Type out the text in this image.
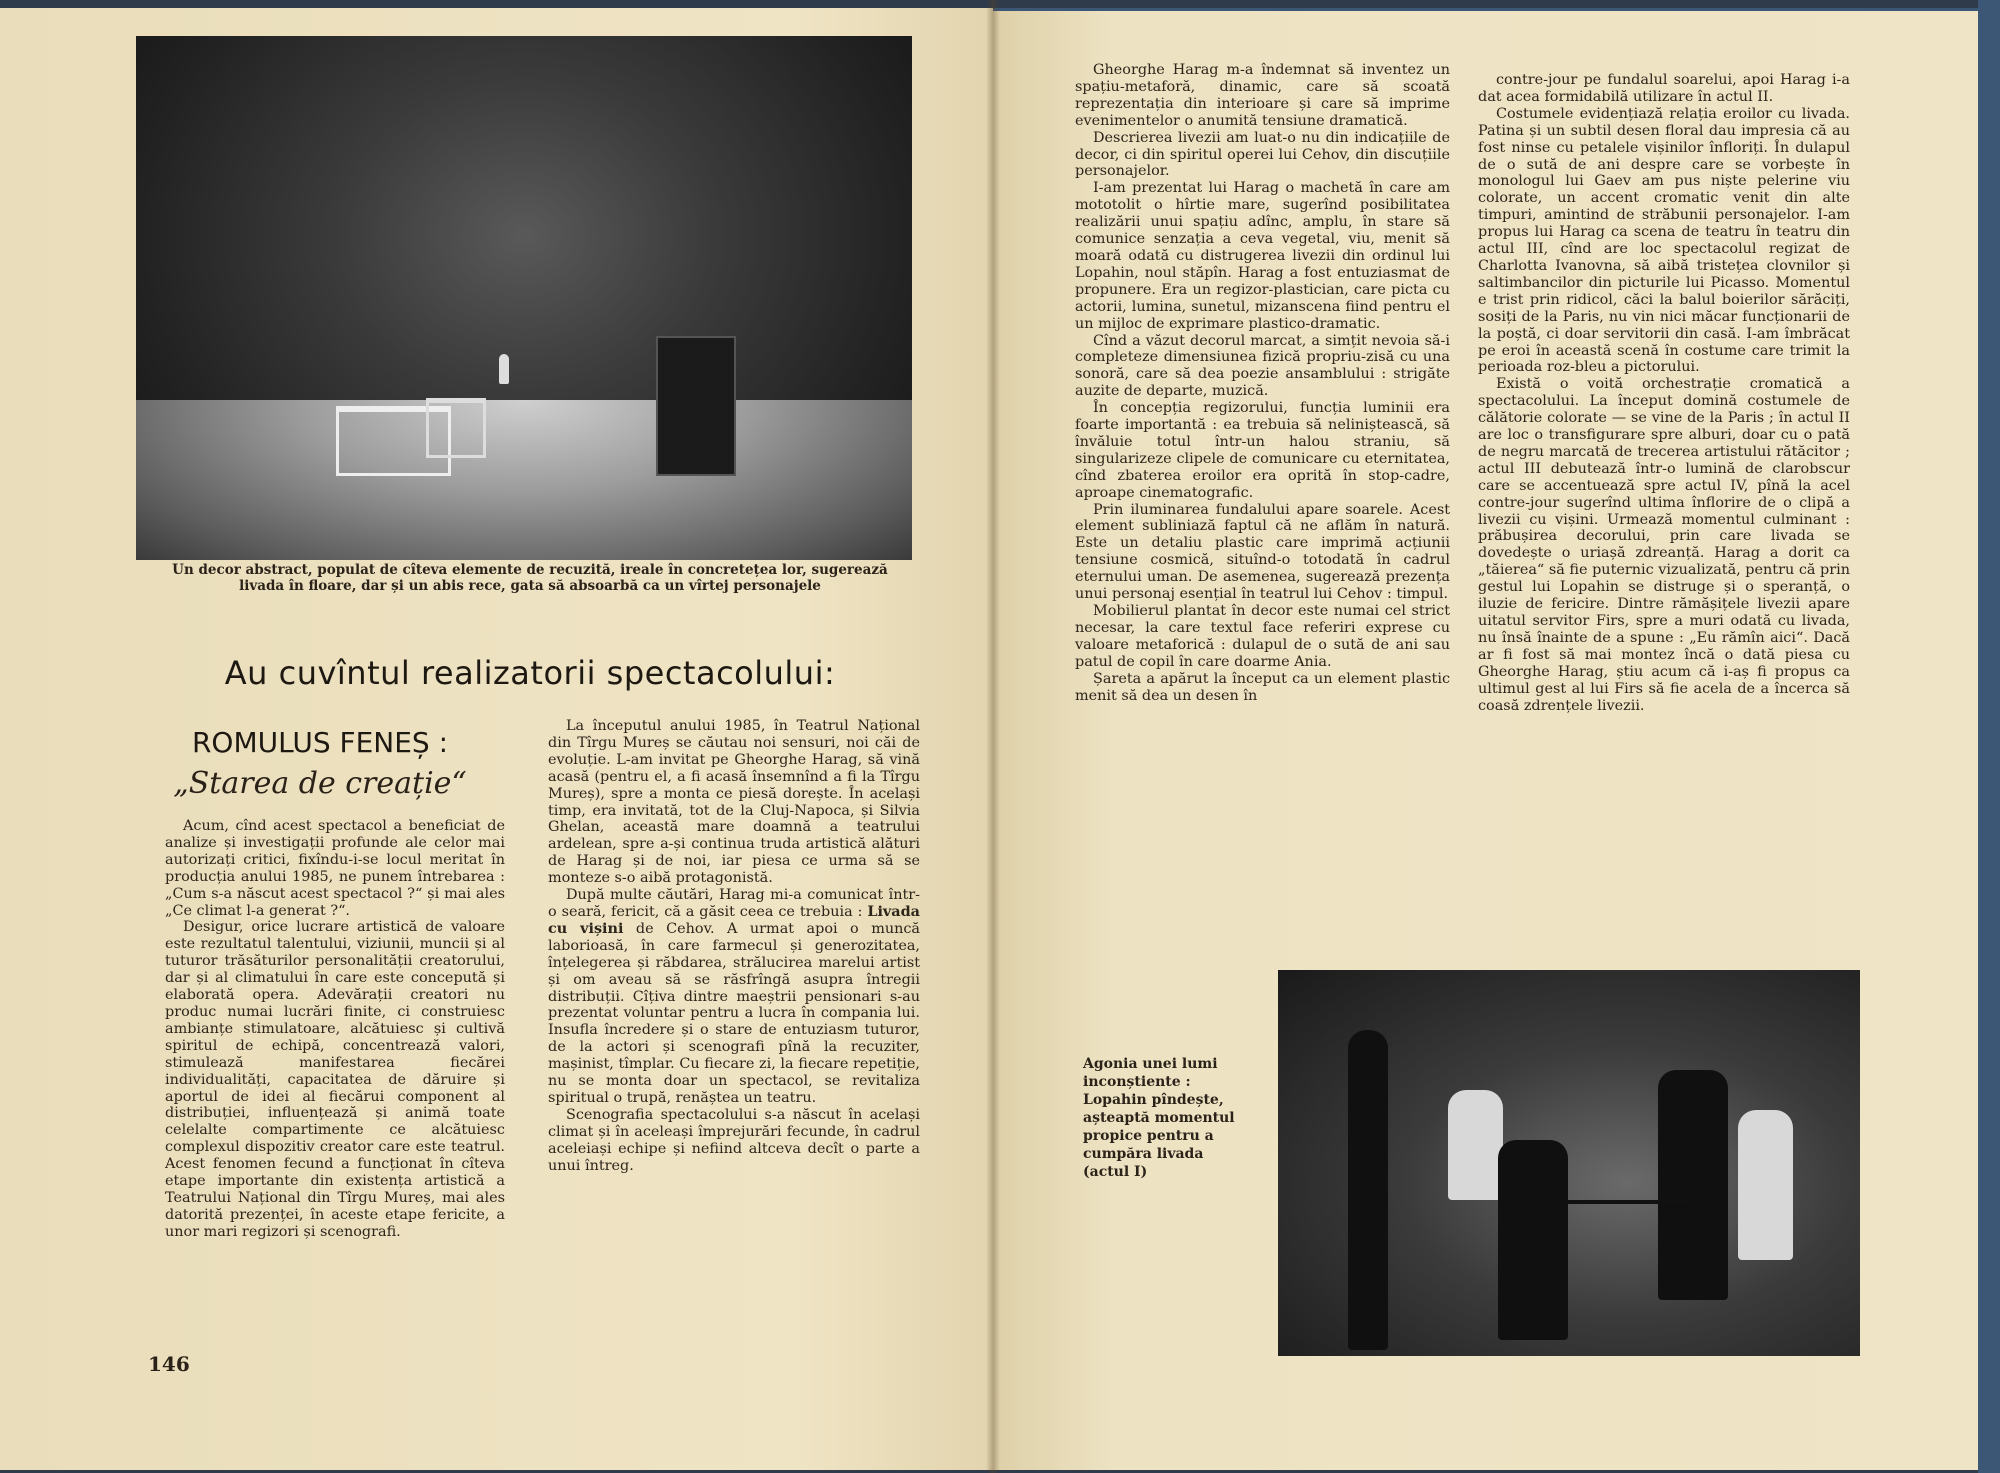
Un decor abstract, populat de cîteva elemente de recuzită, ireale în concretețea lor, sugerează livada în floare, dar și un abis rece, gata să absoarbă ca un vîrtej personajele
Au cuvîntul realizatorii spectacolului:
ROMULUS FENEȘ :
„Starea de creație“

Acum, cînd acest spectacol a beneficiat de analize și investigații profunde ale celor mai autorizați critici, fixîndu-i-se locul meritat în producția anului 1985, ne punem întrebarea : „Cum s-a născut acest spectacol ?“ și mai ales „Ce climat l-a generat ?“.

Desigur, orice lucrare artistică de valoare este rezultatul talentului, viziunii, muncii și al tuturor trăsăturilor personalității creatorului, dar și al climatului în care este concepută și elaborată opera. Adevărații creatori nu produc numai lucrări finite, ci construiesc ambianțe stimulatoare, alcătuiesc și cultivă spiritul de echipă, concentrează valori, stimulează manifestarea fiecărei individualități, capacitatea de dăruire și aportul de idei al fiecărui component al distribuției, influențează și animă toate celelalte compartimente ce alcătuiesc complexul dispozitiv creator care este teatrul. Acest fenomen fecund a funcționat în cîteva etape importante din existența artistică a Teatrului Național din Tîrgu Mureș, mai ales datorită prezenței, în aceste etape fericite, a unor mari regizori și scenografi.

La începutul anului 1985, în Teatrul Național din Tîrgu Mureș se căutau noi sensuri, noi căi de evoluție. L-am invitat pe Gheorghe Harag, să vină acasă (pentru el, a fi acasă însemnînd a fi la Tîrgu Mureș), spre a monta ce piesă dorește. În același timp, era invitată, tot de la Cluj-Napoca, și Silvia Ghelan, această mare doamnă a teatrului ardelean, spre a-și continua truda artistică alături de Harag și de noi, iar piesa ce urma să se monteze s-o aibă protagonistă.

După multe căutări, Harag mi-a comunicat într-o seară, fericit, că a găsit ceea ce trebuia : Livada cu vișini de Cehov. A urmat apoi o muncă laborioasă, în care farmecul și generozitatea, înțelegerea și răbdarea, strălucirea marelui artist și om aveau să se răsfrîngă asupra întregii distribuții. Cîțiva dintre maeștrii pensionari s-au prezentat voluntar pentru a lucra în compania lui. Insufla încredere și o stare de entuziasm tuturor, de la actori și scenografi pînă la recuziter, mașinist, tîmplar. Cu fiecare zi, la fiecare repetiție, nu se monta doar un spectacol, se revitaliza spiritual o trupă, renăștea un teatru.

Scenografia spectacolului s-a născut în același climat și în aceleași împrejurări fecunde, în cadrul aceleiași echipe și nefiind altceva decît o parte a unui întreg.

146

Gheorghe Harag m-a îndemnat să inventez un spațiu-metaforă, dinamic, care să scoată reprezentația din interioare și care să imprime evenimentelor o anumită tensiune dramatică.

Descrierea livezii am luat-o nu din indicațiile de decor, ci din spiritul operei lui Cehov, din discuțiile personajelor.

I-am prezentat lui Harag o machetă în care am mototolit o hîrtie mare, sugerînd posibilitatea realizării unui spațiu adînc, amplu, în stare să comunice senzația a ceva vegetal, viu, menit să moară odată cu distrugerea livezii din ordinul lui Lopahin, noul stăpîn. Harag a fost entuziasmat de propunere. Era un regizor-plastician, care picta cu actorii, lumina, sunetul, mizanscena fiind pentru el un mijloc de exprimare plastico-dramatic.

Cînd a văzut decorul marcat, a simțit nevoia să-i completeze dimensiunea fizică propriu-zisă cu una sonoră, care să dea poezie ansamblului : strigăte auzite de departe, muzică.

În concepția regizorului, funcția luminii era foarte importantă : ea trebuia să neliniștească, să învăluie totul într-un halou straniu, să singularizeze clipele de comunicare cu eternitatea, cînd zbaterea eroilor era oprită în stop-cadre, aproape cinematografic.

Prin iluminarea fundalului apare soarele. Acest element subliniază faptul că ne aflăm în natură. Este un detaliu plastic care imprimă acțiunii tensiune cosmică, situînd-o totodată în cadrul eternului uman. De asemenea, sugerează prezența unui personaj esențial în teatrul lui Cehov : timpul.

Mobilierul plantat în decor este numai cel strict necesar, la care textul face referiri exprese cu valoare metaforică : dulapul de o sută de ani sau patul de copil în care doarme Ania.

Șareta a apărut la început ca un element plastic menit să dea un desen în

contre-jour pe fundalul soarelui, apoi Harag i-a dat acea formidabilă utilizare în actul II.

Costumele evidențiază relația eroilor cu livada. Patina și un subtil desen floral dau impresia că au fost ninse cu petalele vișinilor înfloriți. În dulapul de o sută de ani despre care se vorbește în monologul lui Gaev am pus niște pelerine viu colorate, un accent cromatic venit din alte timpuri, amintind de străbunii personajelor. I-am propus lui Harag ca scena de teatru în teatru din actul III, cînd are loc spectacolul regizat de Charlotta Ivanovna, să aibă tristețea clovnilor și saltimbancilor din picturile lui Picasso. Momentul e trist prin ridicol, căci la balul boierilor sărăciți, sosiți de la Paris, nu vin nici măcar funcționarii de la poștă, ci doar servitorii din casă. I-am îmbrăcat pe eroi în această scenă în costume care trimit la perioada roz-bleu a pictorului.

Există o voită orchestrație cromatică a spectacolului. La început domină costumele de călătorie colorate — se vine de la Paris ; în actul II are loc o transfigurare spre alburi, doar cu o pată de negru marcată de trecerea artistului rătăcitor ; actul III debutează într-o lumină de clarobscur care se accentuează spre actul IV, pînă la acel contre-jour sugerînd ultima înflorire de o clipă a livezii cu vișini. Urmează momentul culminant : prăbușirea decorului, prin care livada se dovedește o uriașă zdreanță. Harag a dorit ca „tăierea“ să fie puternic vizualizată, pentru că prin gestul lui Lopahin se distruge și o speranță, o iluzie de fericire. Dintre rămășițele livezii apare uitatul servitor Firs, spre a muri odată cu livada, nu însă înainte de a spune : „Eu rămîn aici“. Dacă ar fi fost să mai montez încă o dată piesa cu Gheorghe Harag, știu acum că i-aș fi propus ca ultimul gest al lui Firs să fie acela de a încerca să coasă zdrențele livezii.

Agonia unei lumi inconștiente : Lopahin pîndește, așteaptă momentul propice pentru a cumpăra livada (actul I)
